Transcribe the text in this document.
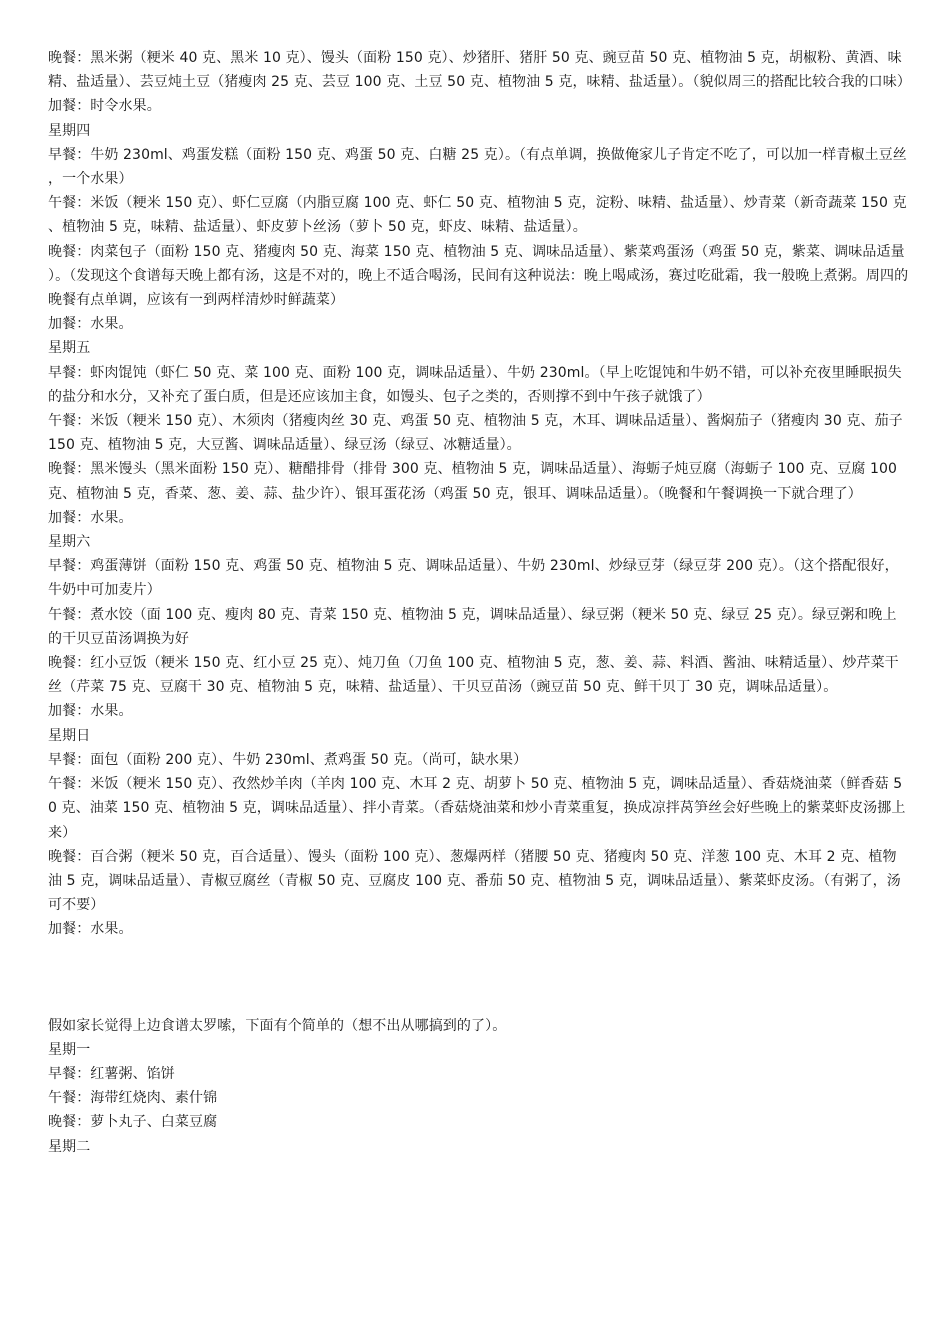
晚餐：黑米粥（粳米 40 克、黑米 10 克）、馒头（面粉 150 克）、炒猪肝、猪肝 50 克、豌豆苗 50 克、植物油 5 克，胡椒粉、黄酒、味精、盐适量）、芸豆炖土豆（猪瘦肉 25 克、芸豆 100 克、土豆 50 克、植物油 5 克，味精、盐适量）。（貌似周三的搭配比较合我的口味）

加餐：时令水果。

星期四

早餐：牛奶 230ml、鸡蛋发糕（面粉 150 克、鸡蛋 50 克、白糖 25 克）。（有点单调，换做俺家儿子肯定不吃了，可以加一样青椒土豆丝，一个水果）

午餐：米饭（粳米 150 克）、虾仁豆腐（内脂豆腐 100 克、虾仁 50 克、植物油 5 克，淀粉、味精、盐适量）、炒青菜（新奇蔬菜 150 克、植物油 5 克，味精、盐适量）、虾皮萝卜丝汤（萝卜 50 克，虾皮、味精、盐适量）。

晚餐：肉菜包子（面粉 150 克、猪瘦肉 50 克、海菜 150 克、植物油 5 克、调味品适量）、紫菜鸡蛋汤（鸡蛋 50 克，紫菜、调味品适量）。（发现这个食谱每天晚上都有汤，这是不对的，晚上不适合喝汤，民间有这种说法：晚上喝咸汤，赛过吃砒霜，我一般晚上煮粥。周四的晚餐有点单调，应该有一到两样清炒时鲜蔬菜）

加餐：水果。

星期五

早餐：虾肉馄饨（虾仁 50 克、菜 100 克、面粉 100 克，调味品适量）、牛奶 230ml。（早上吃馄饨和牛奶不错，可以补充夜里睡眠损失的盐分和水分，又补充了蛋白质，但是还应该加主食，如馒头、包子之类的，否则撑不到中午孩子就饿了）

午餐：米饭（粳米 150 克）、木须肉（猪瘦肉丝 30 克、鸡蛋 50 克、植物油 5 克，木耳、调味品适量）、酱焖茄子（猪瘦肉 30 克、茄子 150 克、植物油 5 克，大豆酱、调味品适量）、绿豆汤（绿豆、冰糖适量）。

晚餐：黑米馒头（黑米面粉 150 克）、糖醋排骨（排骨 300 克、植物油 5 克，调味品适量）、海蛎子炖豆腐（海蛎子 100 克、豆腐 100 克、植物油 5 克，香菜、葱、姜、蒜、盐少许）、银耳蛋花汤（鸡蛋 50 克，银耳、调味品适量）。（晚餐和午餐调换一下就合理了）

加餐：水果。

星期六

早餐：鸡蛋薄饼（面粉 150 克、鸡蛋 50 克、植物油 5 克、调味品适量）、牛奶 230ml、炒绿豆芽（绿豆芽 200 克）。（这个搭配很好，牛奶中可加麦片）

午餐：煮水饺（面 100 克、瘦肉 80 克、青菜 150 克、植物油 5 克，调味品适量）、绿豆粥（粳米 50 克、绿豆 25 克）。绿豆粥和晚上的干贝豆苗汤调换为好

晚餐：红小豆饭（粳米 150 克、红小豆 25 克）、炖刀鱼（刀鱼 100 克、植物油 5 克，葱、姜、蒜、料酒、酱油、味精适量）、炒芹菜干丝（芹菜 75 克、豆腐干 30 克、植物油 5 克，味精、盐适量）、干贝豆苗汤（豌豆苗 50 克、鲜干贝丁 30 克，调味品适量）。

加餐：水果。

星期日

早餐：面包（面粉 200 克）、牛奶 230ml、煮鸡蛋 50 克。（尚可，缺水果）

午餐：米饭（粳米 150 克）、孜然炒羊肉（羊肉 100 克、木耳 2 克、胡萝卜 50 克、植物油 5 克，调味品适量）、香菇烧油菜（鲜香菇 50 克、油菜 150 克、植物油 5 克，调味品适量）、拌小青菜。（香菇烧油菜和炒小青菜重复，换成凉拌莴笋丝会好些晚上的紫菜虾皮汤挪上来）

晚餐：百合粥（粳米 50 克，百合适量）、馒头（面粉 100 克）、葱爆两样（猪腰 50 克、猪瘦肉 50 克、洋葱 100 克、木耳 2 克、植物油 5 克，调味品适量）、青椒豆腐丝（青椒 50 克、豆腐皮 100 克、番茄 50 克、植物油 5 克，调味品适量）、紫菜虾皮汤。（有粥了，汤可不要）

加餐：水果。

假如家长觉得上边食谱太罗嗦，下面有个简单的（想不出从哪搞到的了）。

星期一

早餐：红薯粥、馅饼

午餐：海带红烧肉、素什锦

晚餐：萝卜丸子、白菜豆腐

星期二
